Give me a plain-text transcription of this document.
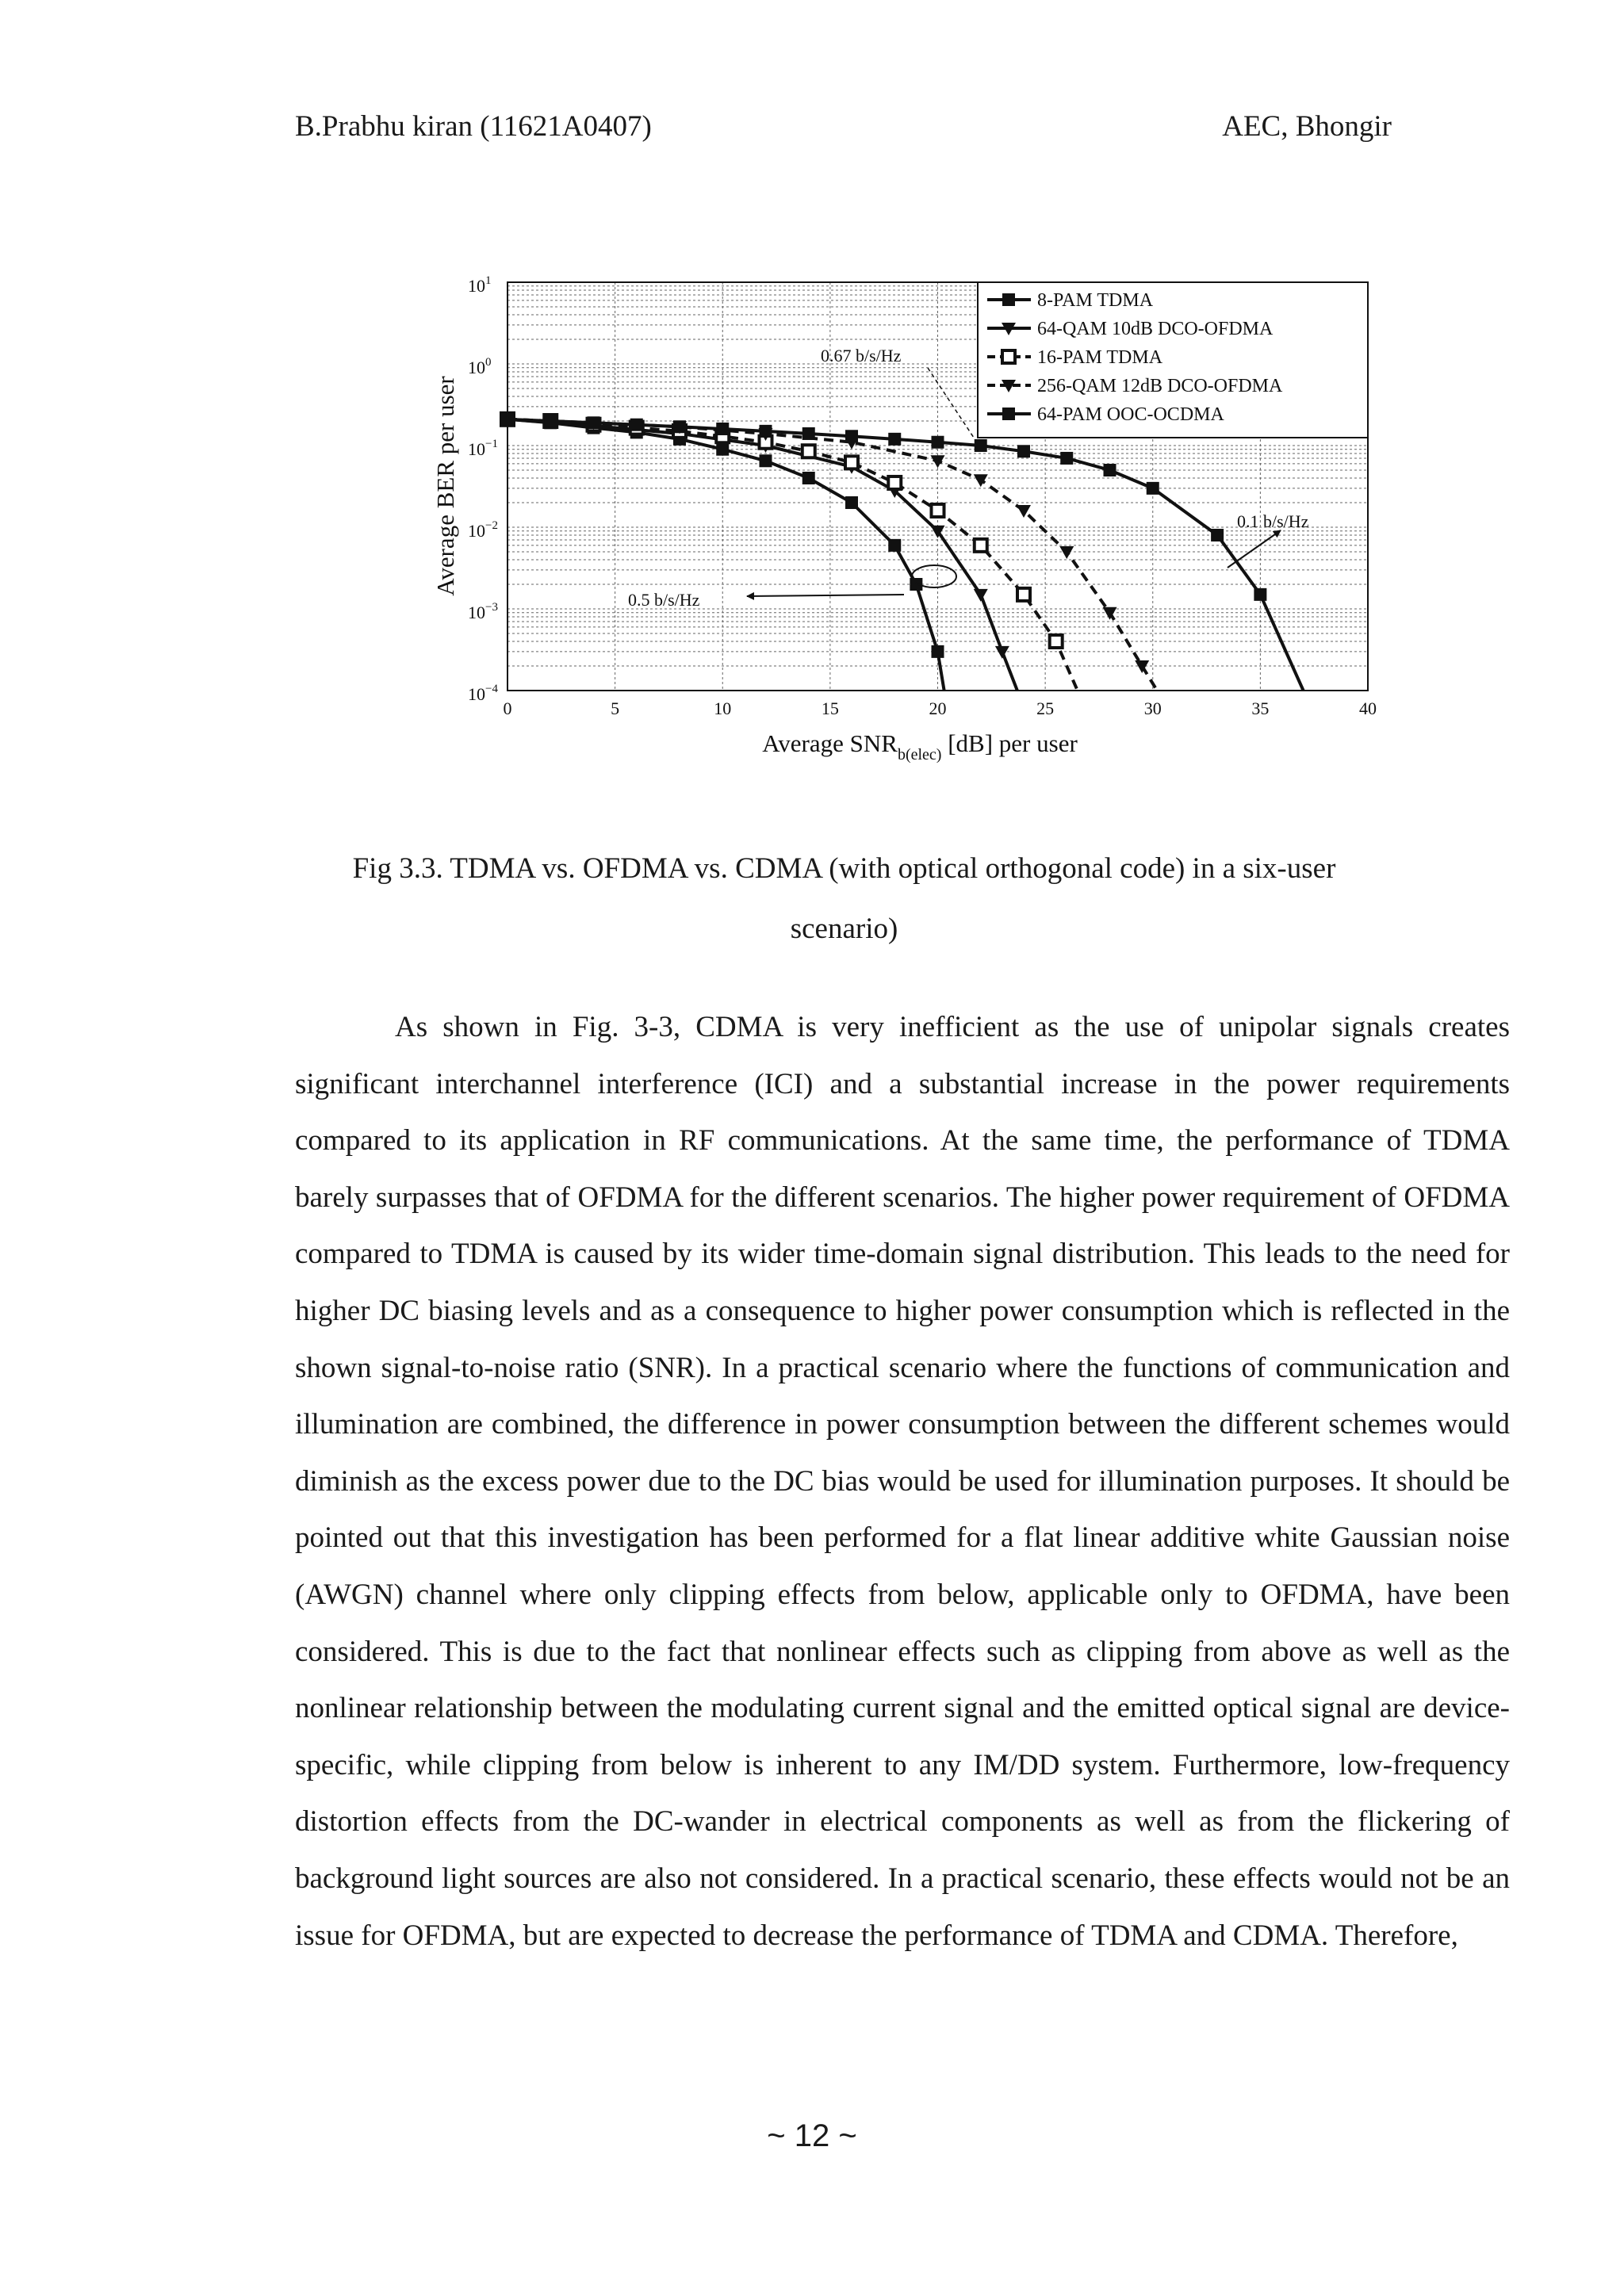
B.Prabhu kiran (11621A0407)	AEC, Bhongir
$10^1$
$10^0$
$10^{-1}$
$10^{-2}$
$10^{-3}$
$10^{-4}$
0	5	10	15	20	25	30	35	40
Average BER per user
Average $SNR_{b(elec)}$ [dB] per user
8-PAM TDMA
64-QAM 10dB DCO-OFDMA
16-PAM TDMA
256-QAM 12dB DCO-OFDMA
64-PAM OOC-OCDMA
0.67 b/s/Hz
0.1 b/s/Hz
0.5 b/s/Hz
Fig 3.3. TDMA vs. OFDMA vs. CDMA (with optical orthogonal code) in a six-user
scenario)

As shown in Fig. 3-3, CDMA is very inefficient as the use of unipolar signals creates significant interchannel interference (ICI) and a substantial increase in the power requirements compared to its application in RF communications. At the same time, the performance of TDMA barely surpasses that of OFDMA for the different scenarios. The higher power requirement of OFDMA compared to TDMA is caused by its wider time-domain signal distribution. This leads to the need for higher DC biasing levels and as a consequence to higher power consumption which is reflected in the shown signal-to-noise ratio (SNR). In a practical scenario where the functions of communication and illumination are combined, the difference in power consumption between the different schemes would diminish as the excess power due to the DC bias would be used for illumination purposes. It should be pointed out that this investigation has been performed for a flat linear additive white Gaussian noise (AWGN) channel where only clipping effects from below, applicable only to OFDMA, have been considered. This is due to the fact that nonlinear effects such as clipping from above as well as the nonlinear relationship between the modulating current signal and the emitted optical signal are device-specific, while clipping from below is inherent to any IM/DD system. Furthermore, low-frequency distortion effects from the DC-wander in electrical components as well as from the flickering of background light sources are also not considered. In a practical scenario, these effects would not be an issue for OFDMA, but are expected to decrease the performance of TDMA and CDMA. Therefore,

~ 12 ~
